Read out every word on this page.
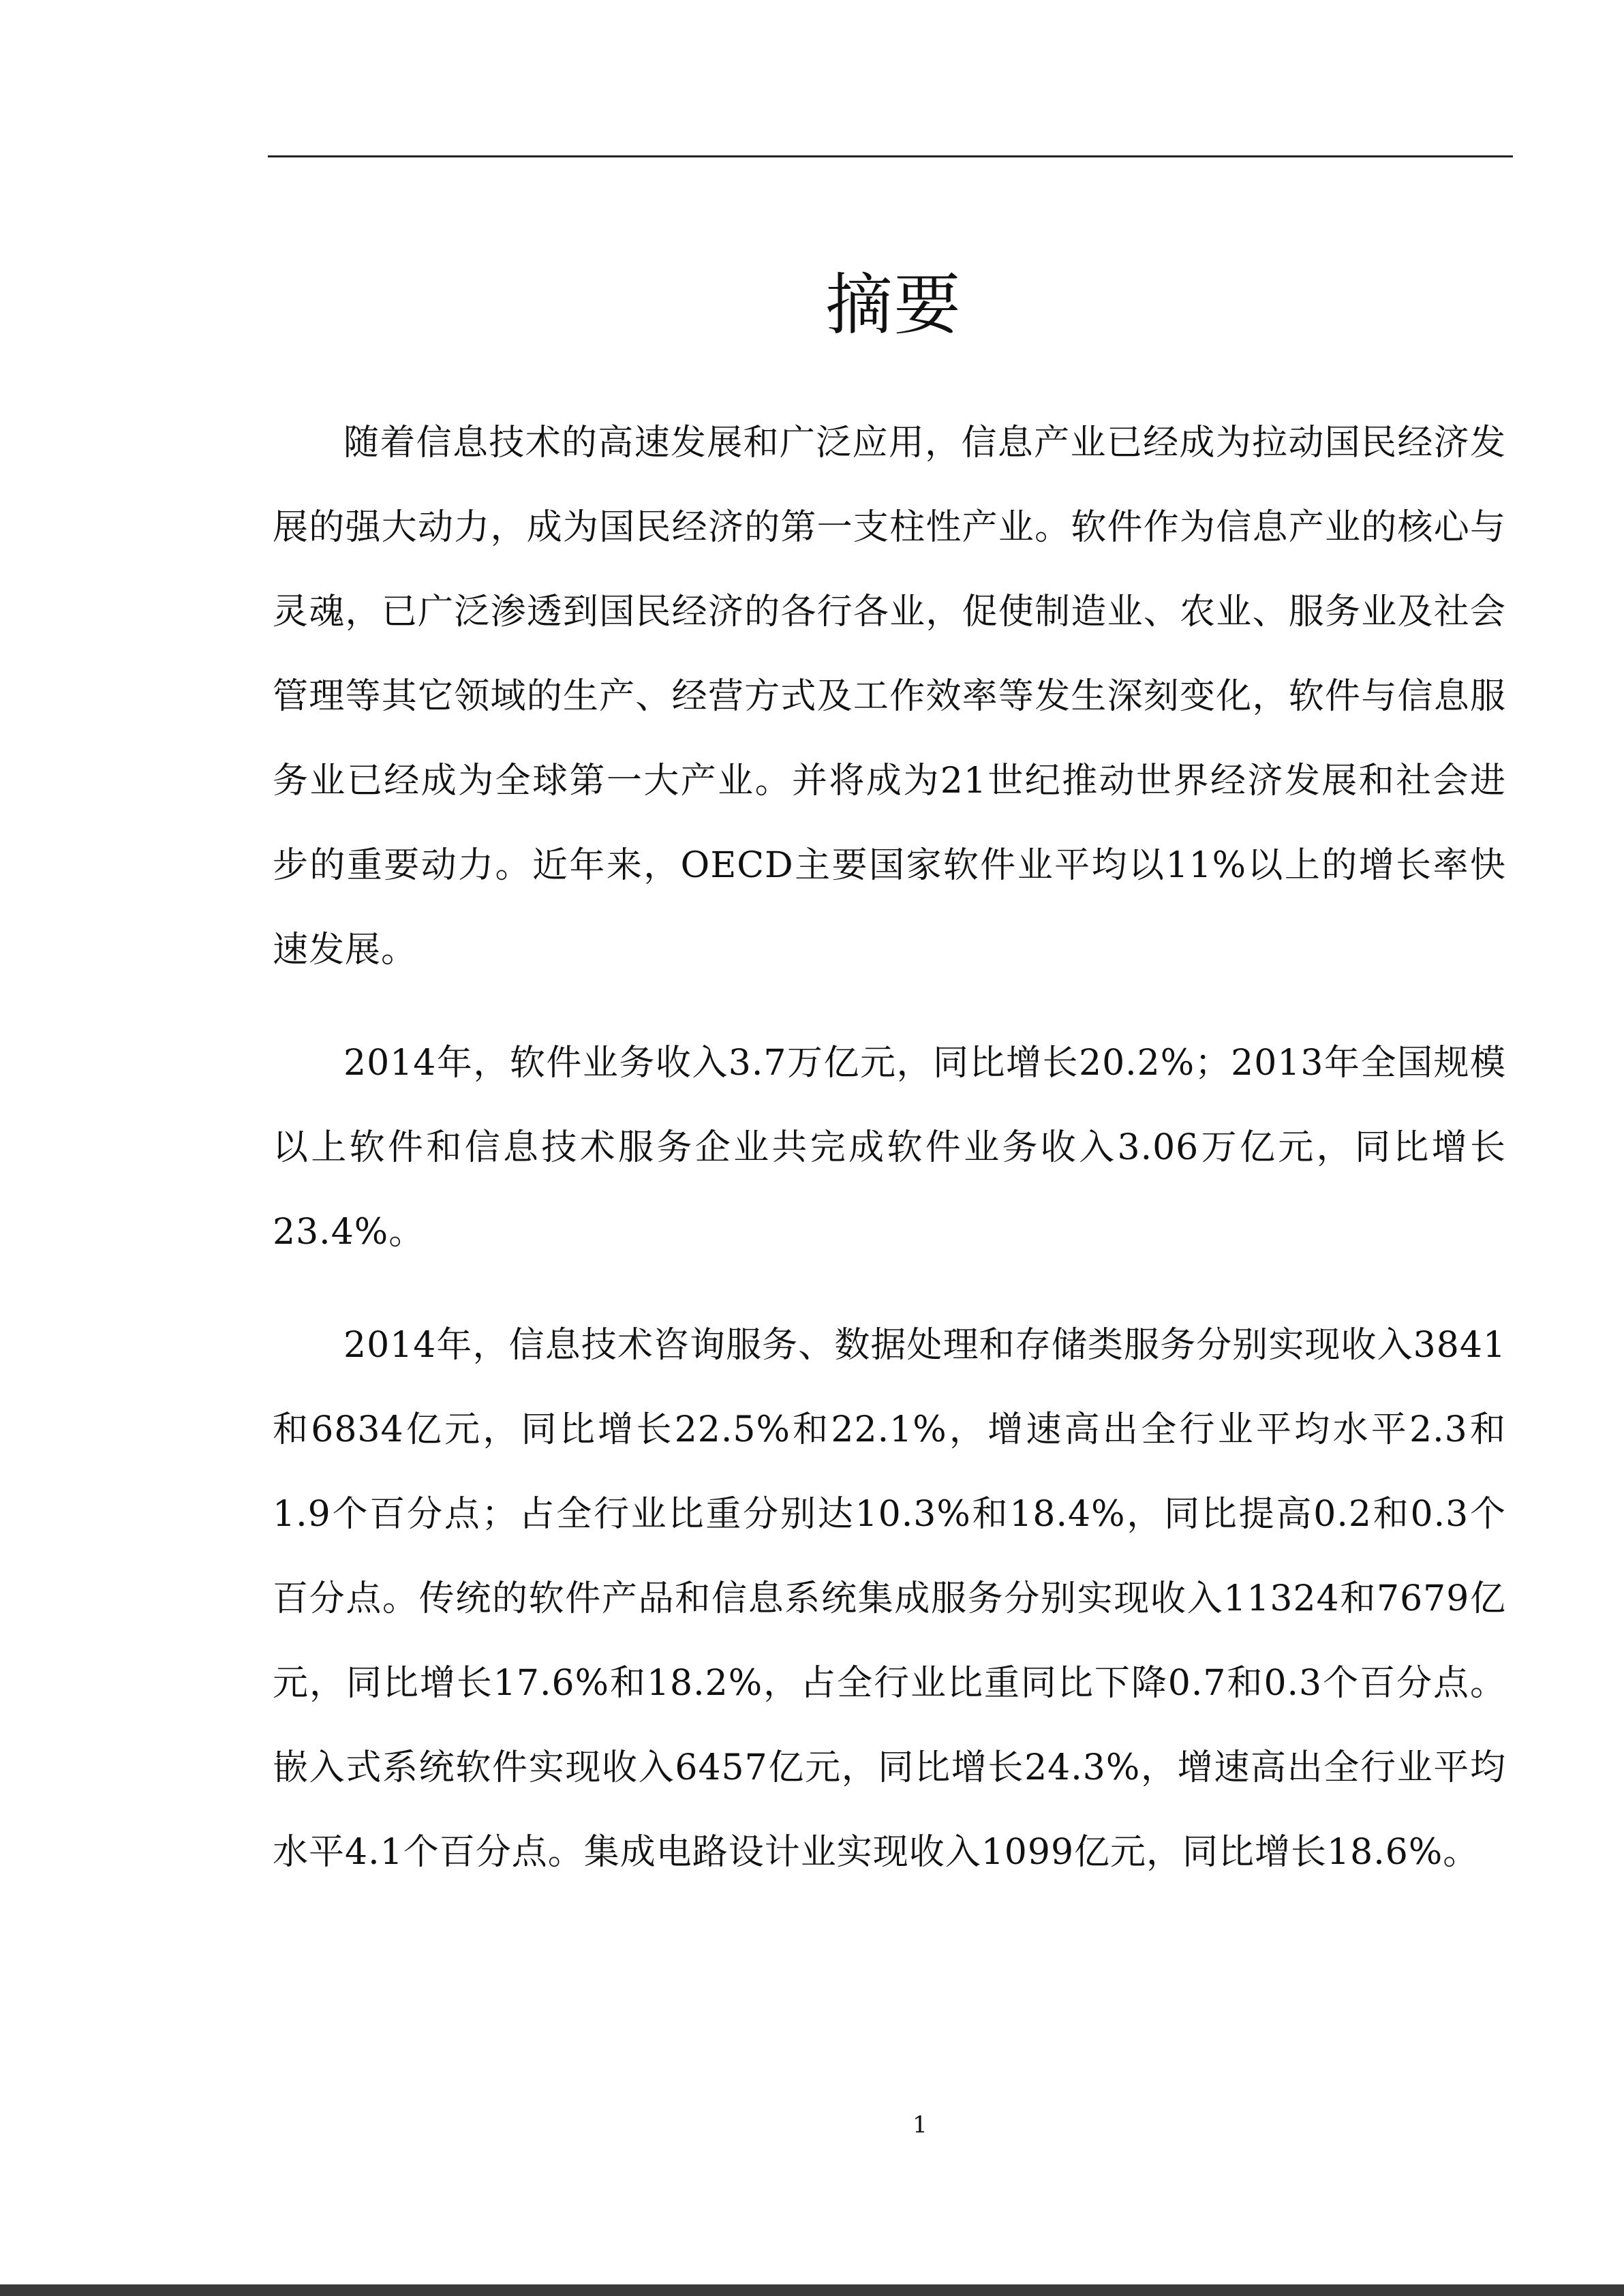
摘要

随着信息技术的高速发展和广泛应用，信息产业已经成为拉动国民经济发展的强大动力，成为国民经济的第一支柱性产业。软件作为信息产业的核心与灵魂，已广泛渗透到国民经济的各行各业，促使制造业、农业、服务业及社会管理等其它领域的生产、经营方式及工作效率等发生深刻变化，软件与信息服务业已经成为全球第一大产业。并将成为21世纪推动世界经济发展和社会进步的重要动力。近年来，OECD主要国家软件业平均以11%以上的增长率快速发展。

2014年，软件业务收入3.7万亿元，同比增长20.2%；2013年全国规模以上软件和信息技术服务企业共完成软件业务收入3.06万亿元，同比增长23.4%。

2014年，信息技术咨询服务、数据处理和存储类服务分别实现收入3841和6834亿元，同比增长22.5%和22.1%，增速高出全行业平均水平2.3和1.9个百分点；占全行业比重分别达10.3%和18.4%，同比提高0.2和0.3个百分点。传统的软件产品和信息系统集成服务分别实现收入11324和7679亿元，同比增长17.6%和18.2%，占全行业比重同比下降0.7和0.3个百分点。嵌入式系统软件实现收入6457亿元，同比增长24.3%，增速高出全行业平均水平4.1个百分点。集成电路设计业实现收入1099亿元，同比增长18.6%。

1
